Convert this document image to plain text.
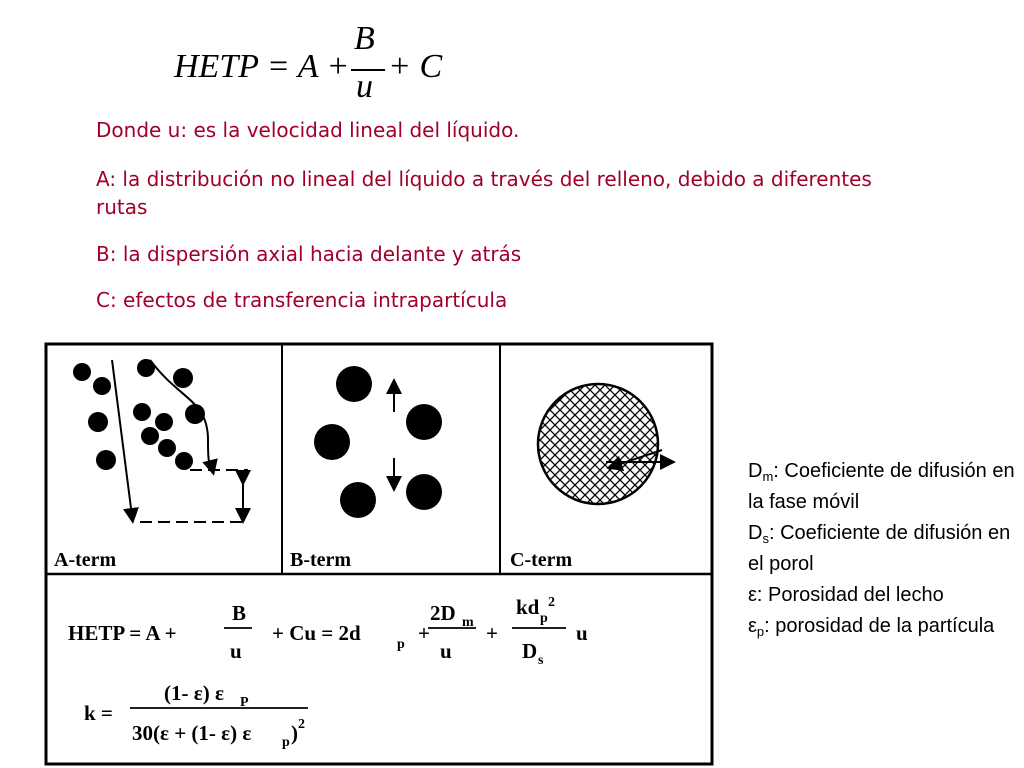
HETP = A +
B
u
+ C
Donde u: es la velocidad lineal del líquido.
A: la distribución no lineal del líquido a través del relleno, debido a diferentes rutas
B: la dispersión axial hacia delante y atrás
C: efectos de transferencia intrapartícula
A-term	B-term	C-term
HETP = A +
B
u
+ Cu = 2d	p +
2D m
u
+
kd p
2
D s
u
k =
(1- ε) ε P
30(ε + (1- ε) ε p ) 2
$D_m$: Coeficiente de difusión en la fase móvil
$D_s$: Coeficiente de difusión en el porol
ε: Porosidad del lecho
$\varepsilon_p$: porosidad de la partícula
